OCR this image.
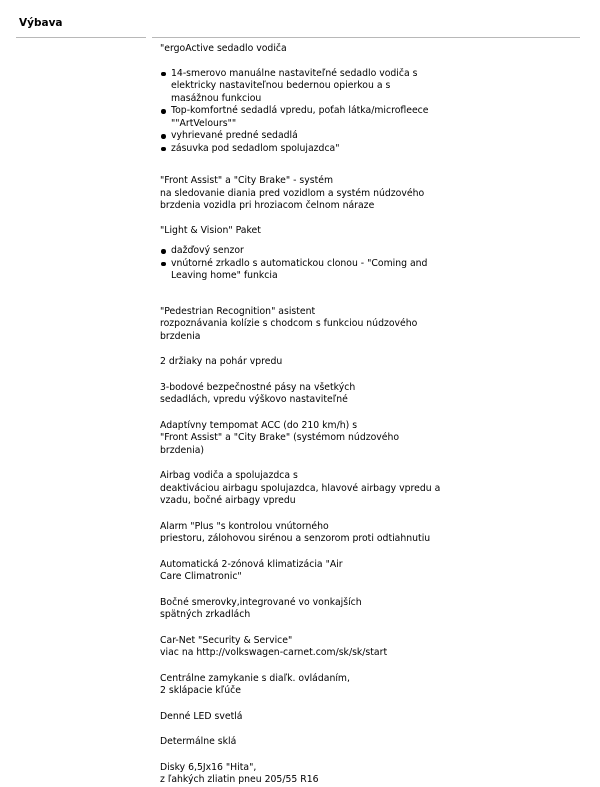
Výbava
"ergoActive sedadlo vodiča
14-smerovo manuálne nastaviteľné sedadlo vodiča s
elektricky nastaviteľnou bedernou opierkou a s
masážnou funkciou
Top-komfortné sedadlá vpredu, poťah látka/microfleece
""ArtVelours""
vyhrievané predné sedadlá
zásuvka pod sedadlom spolujazdca"
"Front Assist" a "City Brake" - systém
na sledovanie diania pred vozidlom a systém núdzového
brzdenia vozidla pri hroziacom čelnom náraze
"Light & Vision" Paket
dažďový senzor
vnútorné zrkadlo s automatickou clonou - "Coming and
Leaving home" funkcia
"Pedestrian Recognition" asistent
rozpoznávania kolízie s chodcom s funkciou núdzového
brzdenia
2 držiaky na pohár vpredu
3-bodové bezpečnostné pásy na všetkých
sedadlách, vpredu výškovo nastaviteľné
Adaptívny tempomat ACC (do 210 km/h) s
"Front Assist" a "City Brake" (systémom núdzového
brzdenia)
Airbag vodiča a spolujazdca s
deaktiváciou airbagu spolujazdca, hlavové airbagy vpredu a
vzadu, bočné airbagy vpredu
Alarm "Plus "s kontrolou vnútorného
priestoru, zálohovou sirénou a senzorom proti odtiahnutiu
Automatická 2-zónová klimatizácia "Air
Care Climatronic"
Bočné smerovky,integrované vo vonkajších
spätných zrkadlách
Car-Net "Security & Service"
viac na http://volkswagen-carnet.com/sk/sk/start
Centrálne zamykanie s diaľk. ovládaním,
2 sklápacie kľúče
Denné LED svetlá
Determálne sklá
Disky 6,5Jx16 "Hita",
z ľahkých zliatin pneu 205/55 R16
